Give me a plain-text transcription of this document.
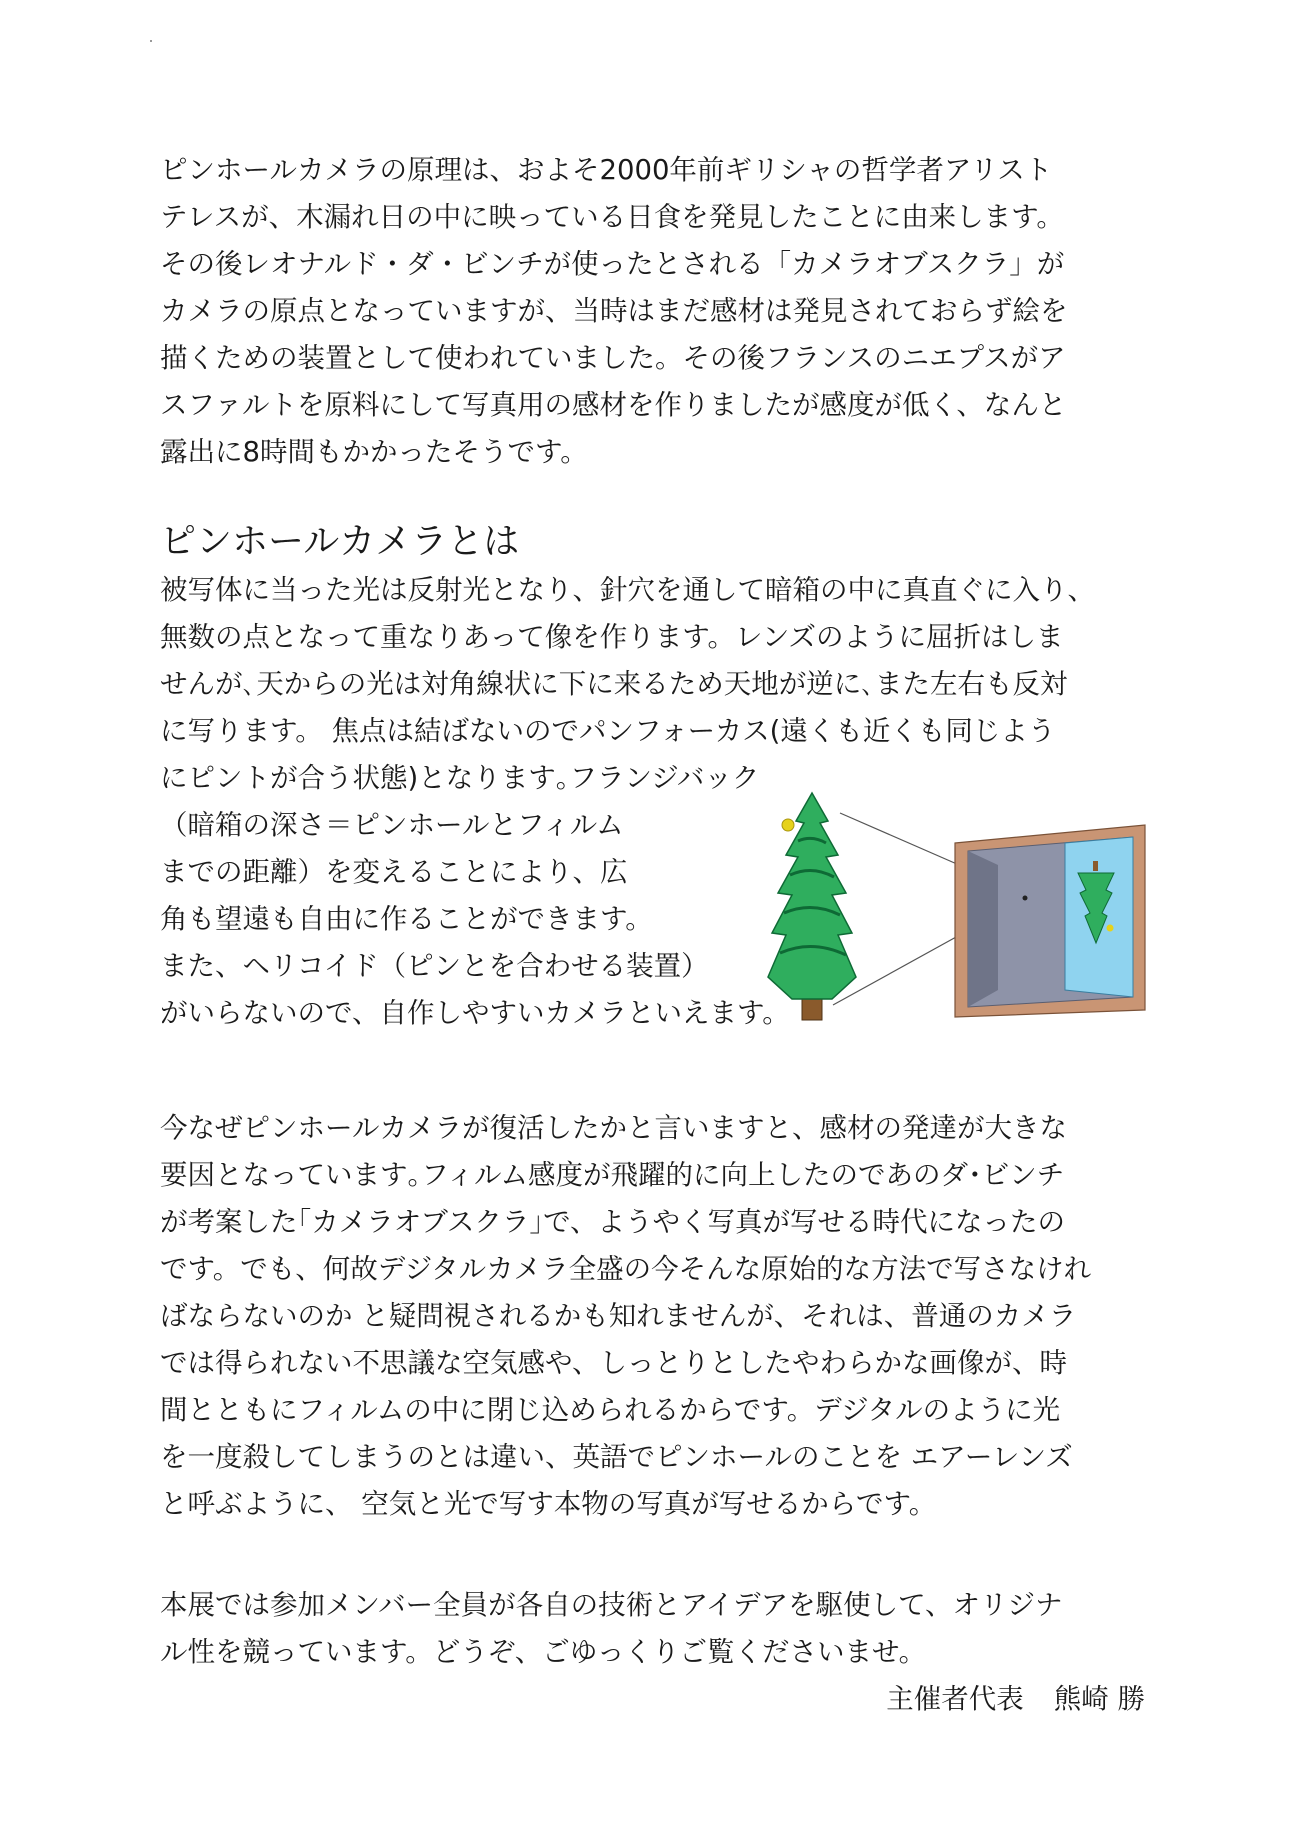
ピンホールカメラの原理は、およそ2000年前ギリシャの哲学者アリスト
テレスが、木漏れ日の中に映っている日食を発見したことに由来します。
その後レオナルド・ダ・ビンチが使ったとされる「カメラオブスクラ」が
カメラの原点となっていますが、当時はまだ感材は発見されておらず絵を
描くための装置として使われていました。その後フランスのニエプスがア
スファルトを原料にして写真用の感材を作りましたが感度が低く、なんと
露出に8時間もかかったそうです。
ピンホールカメラとは
被写体に当った光は反射光となり、針穴を通して暗箱の中に真直ぐに入り、
無数の点となって重なりあって像を作ります。レンズのように屈折はしま
せんが､天からの光は対角線状に下に来るため天地が逆に､また左右も反対
に写ります。 焦点は結ばないのでパンフォーカス(遠くも近くも同じよう
にピントが合う状態)となります｡フランジバック
（暗箱の深さ＝ピンホールとフィルム
までの距離）を変えることにより、広
角も望遠も自由に作ることができます。
また、ヘリコイド（ピンとを合わせる装置）
がいらないので、自作しやすいカメラといえます。
今なぜピンホールカメラが復活したかと言いますと、感材の発達が大きな
要因となっています｡フィルム感度が飛躍的に向上したのであのダ･ビンチ
が考案した｢カメラオブスクラ｣で、ようやく写真が写せる時代になったの
です。でも、何故デジタルカメラ全盛の今そんな原始的な方法で写さなけれ
ばならないのか と疑問視されるかも知れませんが、それは、普通のカメラ
では得られない不思議な空気感や、しっとりとしたやわらかな画像が、時
間とともにフィルムの中に閉じ込められるからです。デジタルのように光
を一度殺してしまうのとは違い、英語でピンホールのことを エアーレンズ
と呼ぶように、 空気と光で写す本物の写真が写せるからです。
本展では参加メンバー全員が各自の技術とアイデアを駆使して、オリジナ
ル性を競っています。どうぞ、ごゆっくりご覧くださいませ。
主催者代表 熊崎 勝
